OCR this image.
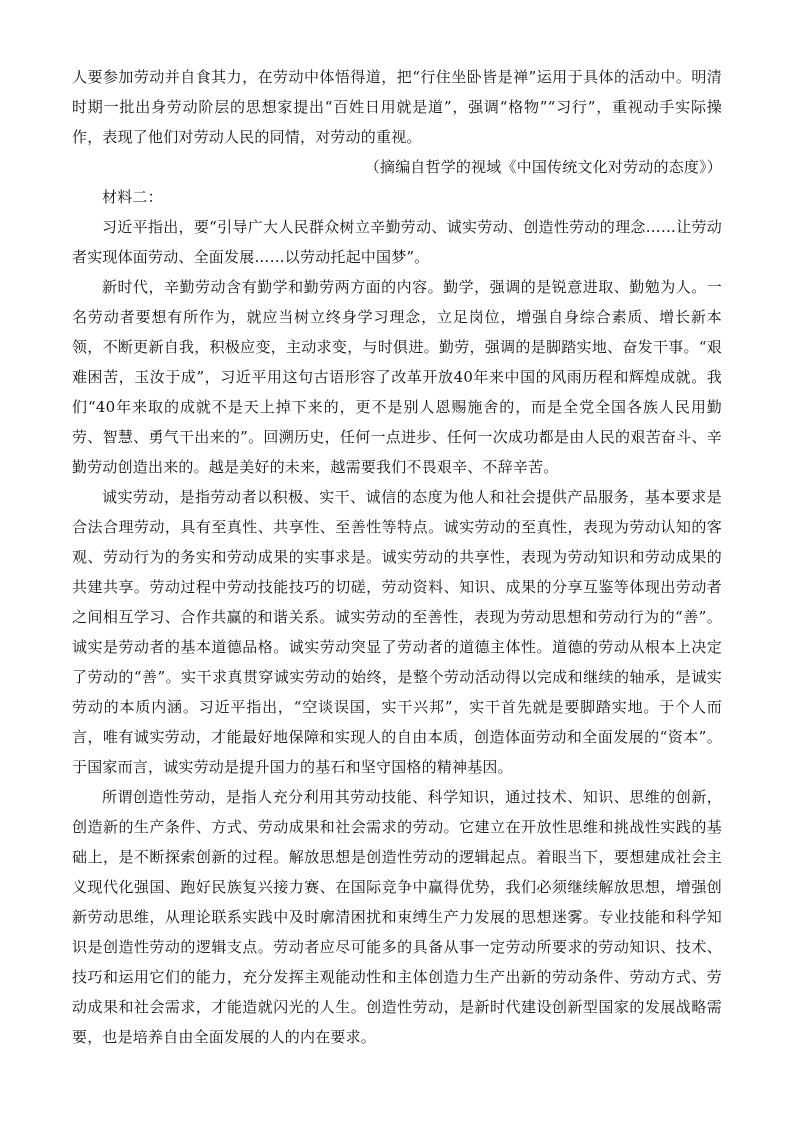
人要参加劳动并自食其力，在劳动中体悟得道，把“行住坐卧皆是禅”运用于具体的活动中。明清时期一批出身劳动阶层的思想家提出“百姓日用就是道”，强调“格物”“习行”，重视动手实际操作，表现了他们对劳动人民的同情，对劳动的重视。

（摘编自哲学的视域《中国传统文化对劳动的态度》）

材料二：

习近平指出，要“引导广大人民群众树立辛勤劳动、诚实劳动、创造性劳动的理念……让劳动者实现体面劳动、全面发展……以劳动托起中国梦”。

新时代，辛勤劳动含有勤学和勤劳两方面的内容。勤学，强调的是锐意进取、勤勉为人。一名劳动者要想有所作为，就应当树立终身学习理念，立足岗位，增强自身综合素质、增长新本领，不断更新自我，积极应变，主动求变，与时俱进。勤劳，强调的是脚踏实地、奋发干事。“艰难困苦，玉汝于成”，习近平用这句古语形容了改革开放40年来中国的风雨历程和辉煌成就。我们“40年来取的成就不是天上掉下来的，更不是别人恩赐施舍的，而是全党全国各族人民用勤劳、智慧、勇气干出来的”。回溯历史，任何一点进步、任何一次成功都是由人民的艰苦奋斗、辛勤劳动创造出来的。越是美好的未来，越需要我们不畏艰辛、不辞辛苦。

诚实劳动，是指劳动者以积极、实干、诚信的态度为他人和社会提供产品服务，基本要求是合法合理劳动，具有至真性、共享性、至善性等特点。诚实劳动的至真性，表现为劳动认知的客观、劳动行为的务实和劳动成果的实事求是。诚实劳动的共享性，表现为劳动知识和劳动成果的共建共享。劳动过程中劳动技能技巧的切磋，劳动资料、知识、成果的分享互鉴等体现出劳动者之间相互学习、合作共赢的和谐关系。诚实劳动的至善性，表现为劳动思想和劳动行为的“善”。诚实是劳动者的基本道德品格。诚实劳动突显了劳动者的道德主体性。道德的劳动从根本上决定了劳动的“善”。实干求真贯穿诚实劳动的始终，是整个劳动活动得以完成和继续的轴承，是诚实劳动的本质内涵。习近平指出，“空谈误国，实干兴邦”，实干首先就是要脚踏实地。于个人而言，唯有诚实劳动，才能最好地保障和实现人的自由本质，创造体面劳动和全面发展的“资本”。于国家而言，诚实劳动是提升国力的基石和坚守国格的精神基因。

所谓创造性劳动，是指人充分利用其劳动技能、科学知识，通过技术、知识、思维的创新，创造新的生产条件、方式、劳动成果和社会需求的劳动。它建立在开放性思维和挑战性实践的基础上，是不断探索创新的过程。解放思想是创造性劳动的逻辑起点。着眼当下，要想建成社会主义现代化强国、跑好民族复兴接力赛、在国际竞争中赢得优势，我们必须继续解放思想，增强创新劳动思维，从理论联系实践中及时廓清困扰和束缚生产力发展的思想迷雾。专业技能和科学知识是创造性劳动的逻辑支点。劳动者应尽可能多的具备从事一定劳动所要求的劳动知识、技术、技巧和运用它们的能力，充分发挥主观能动性和主体创造力生产出新的劳动条件、劳动方式、劳动成果和社会需求，才能造就闪光的人生。创造性劳动，是新时代建设创新型国家的发展战略需要，也是培养自由全面发展的人的内在要求。
